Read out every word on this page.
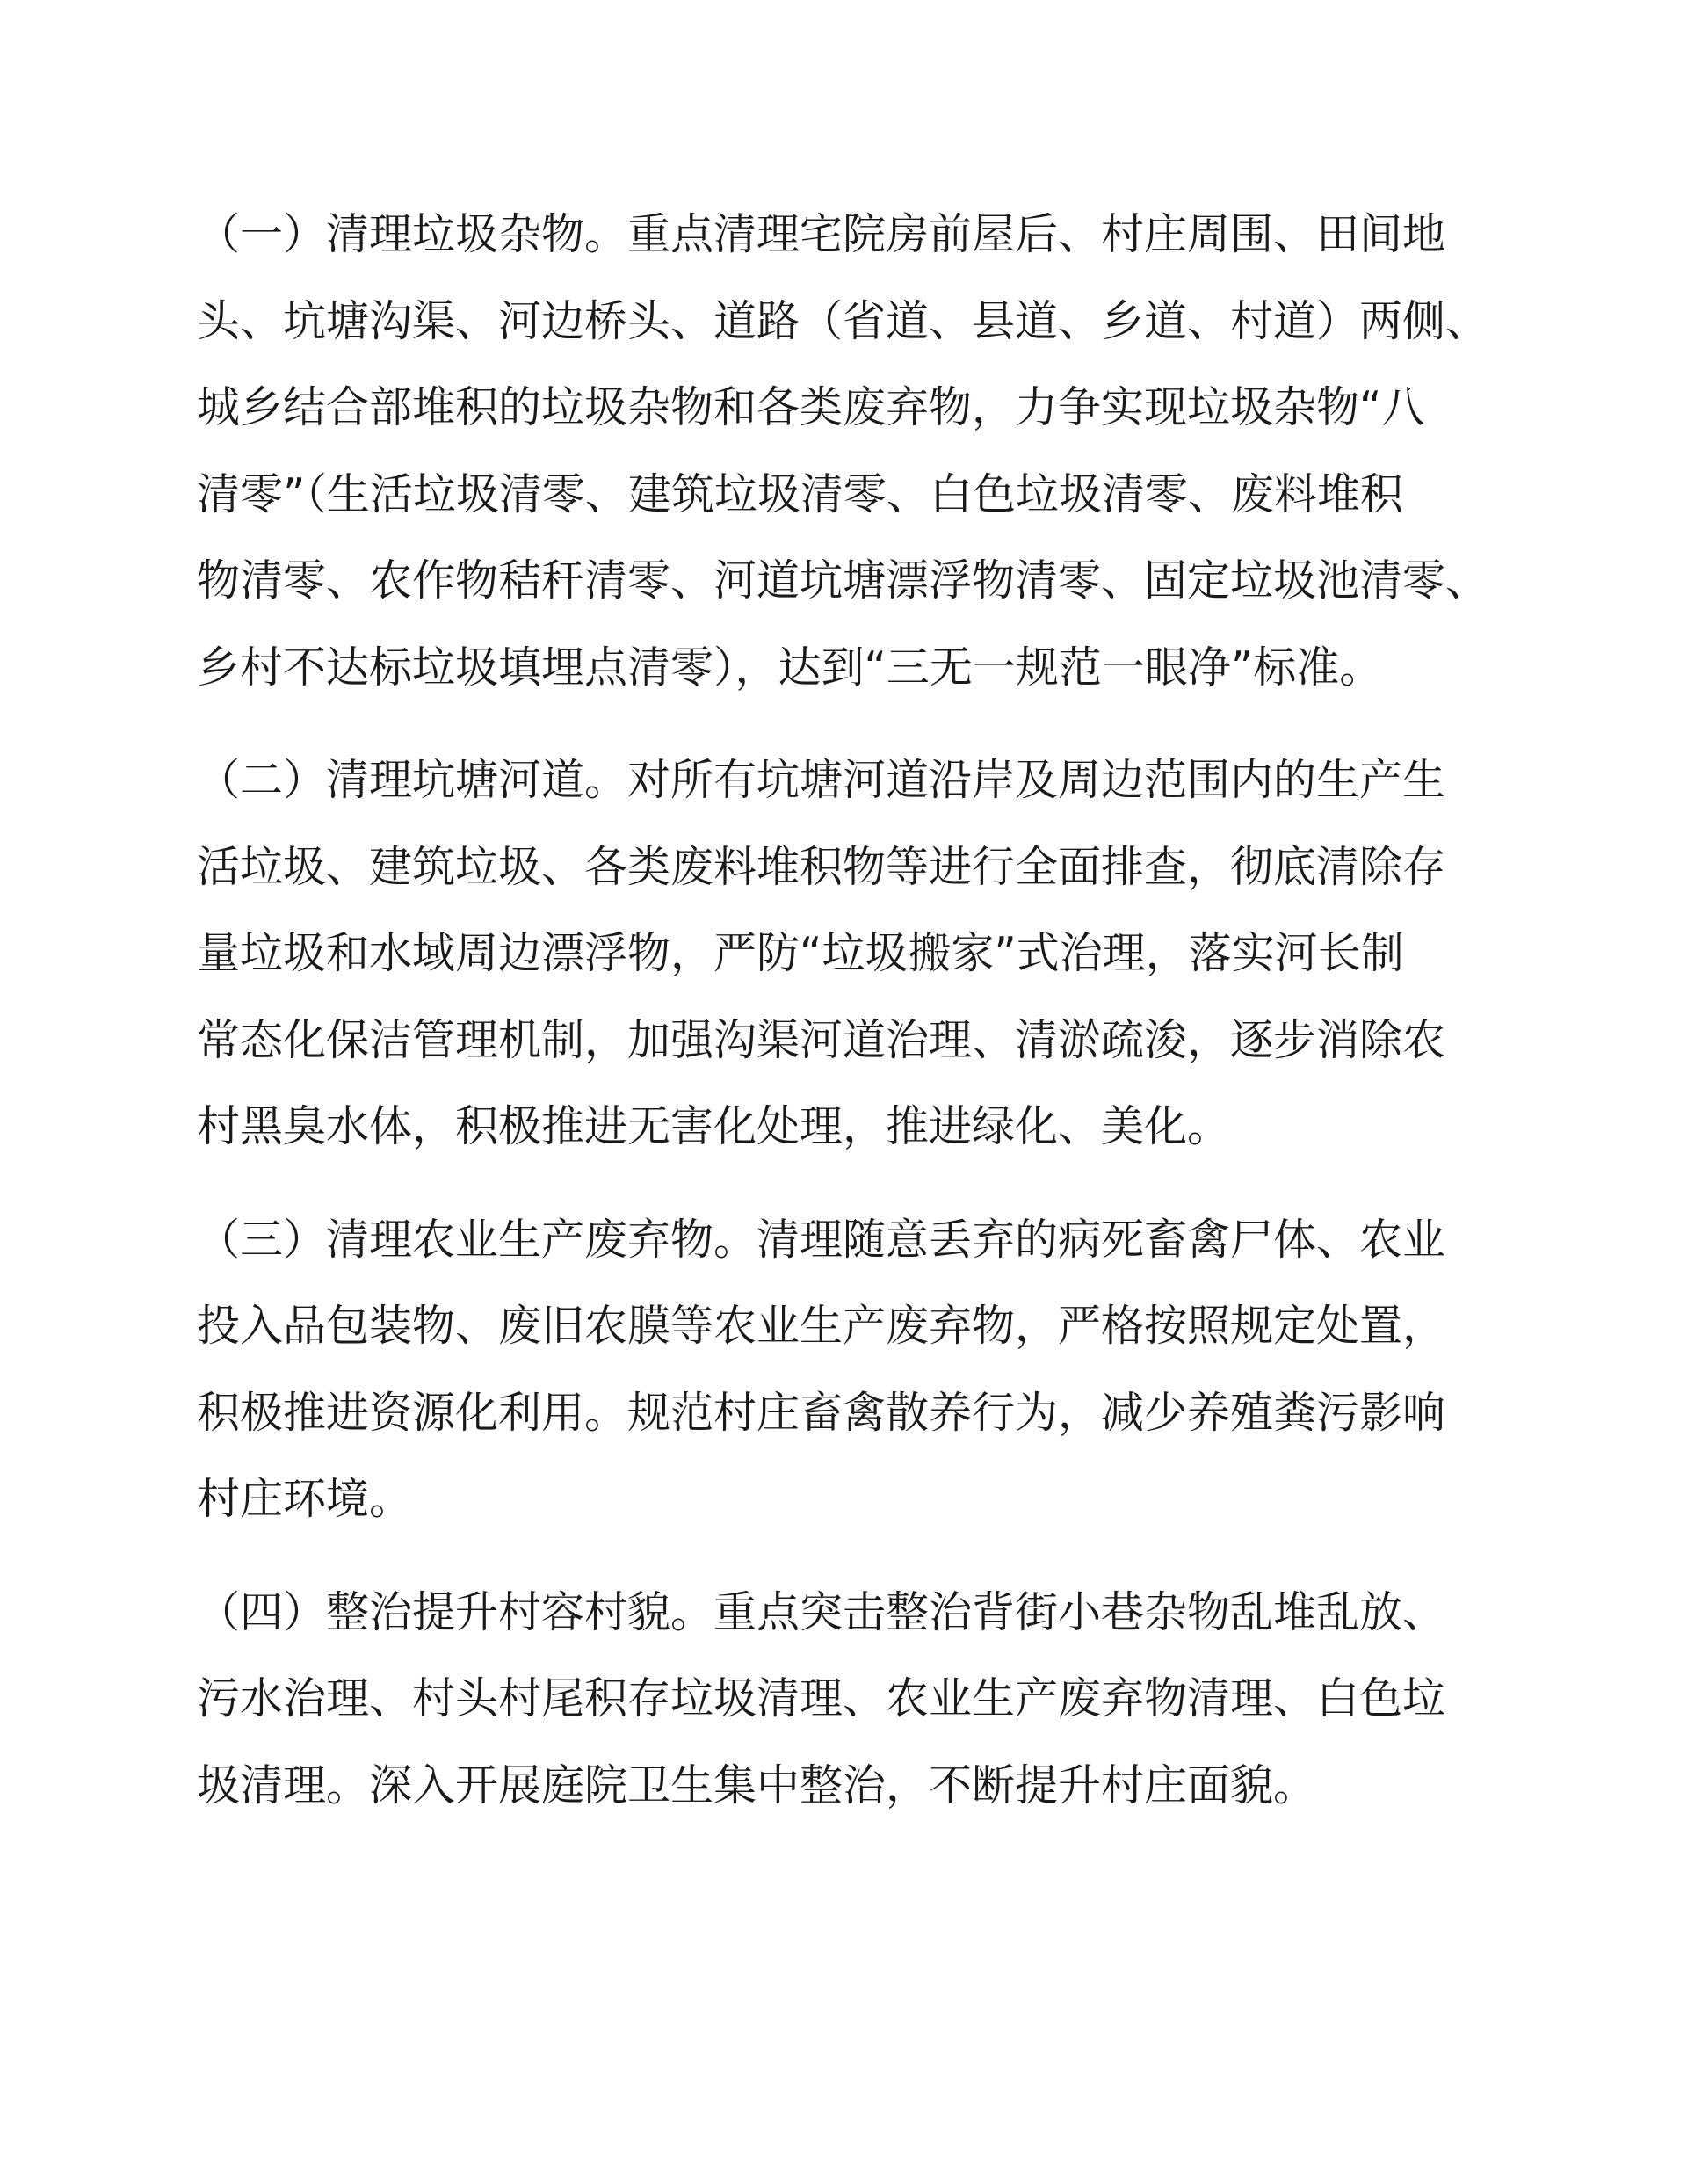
（一）清理垃圾杂物。重点清理宅院房前屋后、村庄周围、田间地
头、坑塘沟渠、河边桥头、道路（省道、县道、乡道、村道）两侧、
城乡结合部堆积的垃圾杂物和各类废弃物，力争实现垃圾杂物“八
清零”（生活垃圾清零、建筑垃圾清零、白色垃圾清零、废料堆积
物清零、农作物秸秆清零、河道坑塘漂浮物清零、固定垃圾池清零、
乡村不达标垃圾填埋点清零），达到“三无一规范一眼净”标准。

（二）清理坑塘河道。对所有坑塘河道沿岸及周边范围内的生产生
活垃圾、建筑垃圾、各类废料堆积物等进行全面排查，彻底清除存
量垃圾和水域周边漂浮物，严防“垃圾搬家”式治理，落实河长制
常态化保洁管理机制，加强沟渠河道治理、清淤疏浚，逐步消除农
村黑臭水体，积极推进无害化处理，推进绿化、美化。

（三）清理农业生产废弃物。清理随意丢弃的病死畜禽尸体、农业
投入品包装物、废旧农膜等农业生产废弃物，严格按照规定处置，
积极推进资源化利用。规范村庄畜禽散养行为，减少养殖粪污影响
村庄环境。

（四）整治提升村容村貌。重点突击整治背街小巷杂物乱堆乱放、
污水治理、村头村尾积存垃圾清理、农业生产废弃物清理、白色垃
圾清理。深入开展庭院卫生集中整治，不断提升村庄面貌。
